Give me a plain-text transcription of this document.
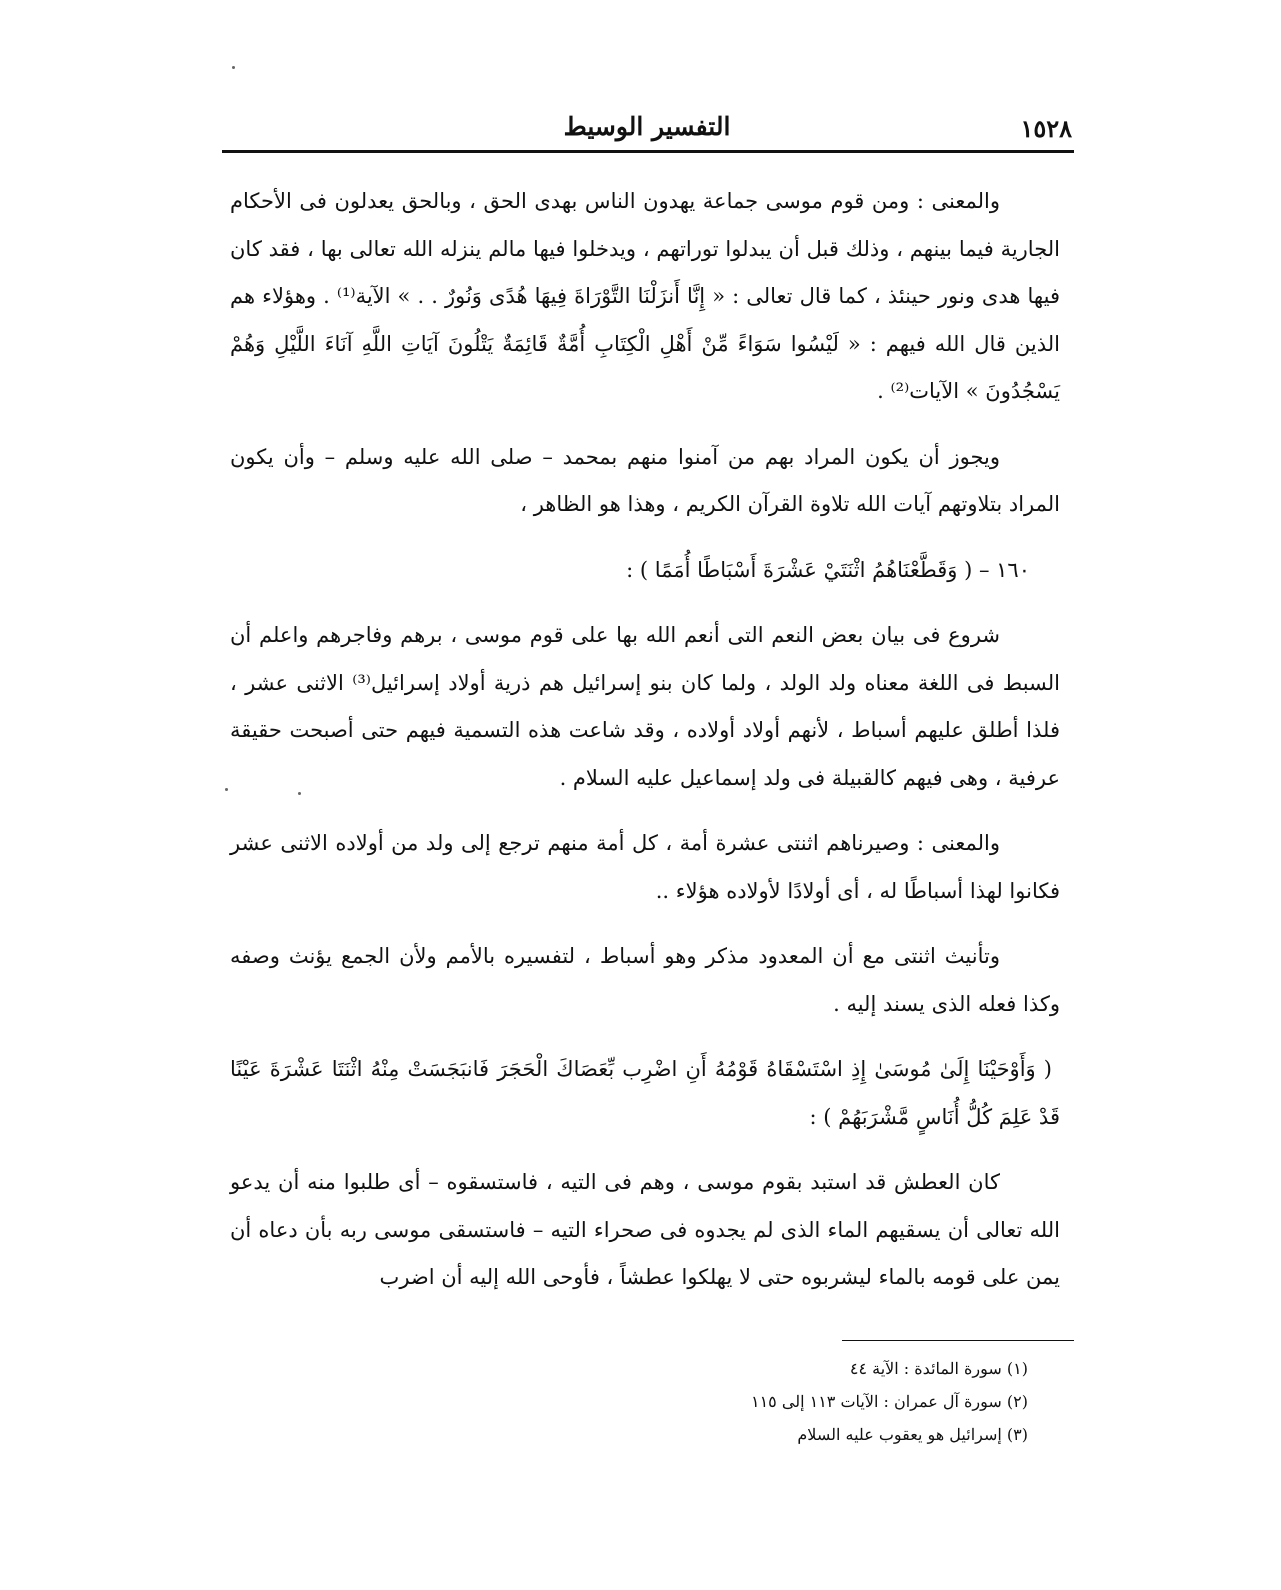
١٥٢٨
التفسير الوسيط

والمعنى : ومن قوم موسى جماعة يهدون الناس بهدى الحق ، وبالحق يعدلون فى الأحكام الجارية فيما بينهم ، وذلك قبل أن يبدلوا توراتهم ، ويدخلوا فيها مالم ينزله الله تعالى بها ، فقد كان فيها هدى ونور حينئذ ، كما قال تعالى : « إِنَّا أَنزَلْنَا التَّوْرَاةَ فِيهَا هُدًى وَنُورٌ . . » الآية⁽¹⁾ . وهؤلاء هم الذين قال الله فيهم : « لَيْسُوا سَوَاءً مِّنْ أَهْلِ الْكِتَابِ أُمَّةٌ قَائِمَةٌ يَتْلُونَ آيَاتِ اللَّهِ آنَاءَ اللَّيْلِ وَهُمْ يَسْجُدُونَ » الآيات⁽²⁾ .

ويجوز أن يكون المراد بهم من آمنوا منهم بمحمد – صلى الله عليه وسلم – وأن يكون المراد بتلاوتهم آيات الله تلاوة القرآن الكريم ، وهذا هو الظاهر ،

١٦٠ – ( وَقَطَّعْنَاهُمُ اثْنَتَيْ عَشْرَةَ أَسْبَاطًا أُمَمًا ) :

شروع فى بيان بعض النعم التى أنعم الله بها على قوم موسى ، برهم وفاجرهم واعلم أن السبط فى اللغة معناه ولد الولد ، ولما كان بنو إسرائيل هم ذرية أولاد إسرائيل⁽³⁾ الاثنى عشر ، فلذا أطلق عليهم أسباط ، لأنهم أولاد أولاده ، وقد شاعت هذه التسمية فيهم حتى أصبحت حقيقة عرفية ، وهى فيهم كالقبيلة فى ولد إسماعيل عليه السلام .

والمعنى : وصيرناهم اثنتى عشرة أمة ، كل أمة منهم ترجع إلى ولد من أولاده الاثنى عشر فكانوا لهذا أسباطًا له ، أى أولادًا لأولاده هؤلاء ..

وتأنيث اثنتى مع أن المعدود مذكر وهو أسباط ، لتفسيره بالأمم ولأن الجمع يؤنث وصفه وكذا فعله الذى يسند إليه .

( وَأَوْحَيْنَا إِلَىٰ مُوسَىٰ إِذِ اسْتَسْقَاهُ قَوْمُهُ أَنِ اضْرِب بِّعَصَاكَ الْحَجَرَ فَانبَجَسَتْ مِنْهُ اثْنَتَا عَشْرَةَ عَيْنًا قَدْ عَلِمَ كُلُّ أُنَاسٍ مَّشْرَبَهُمْ ) :

كان العطش قد استبد بقوم موسى ، وهم فى التيه ، فاستسقوه – أى طلبوا منه أن يدعو الله تعالى أن يسقيهم الماء الذى لم يجدوه فى صحراء التيه – فاستسقى موسى ربه بأن دعاه أن يمن على قومه بالماء ليشربوه حتى لا يهلكوا عطشاً ، فأوحى الله إليه أن اضرب

(١) سورة المائدة : الآية ٤٤

(٢) سورة آل عمران : الآيات ١١٣ إلى ١١٥

(٣) إسرائيل هو يعقوب عليه السلام
